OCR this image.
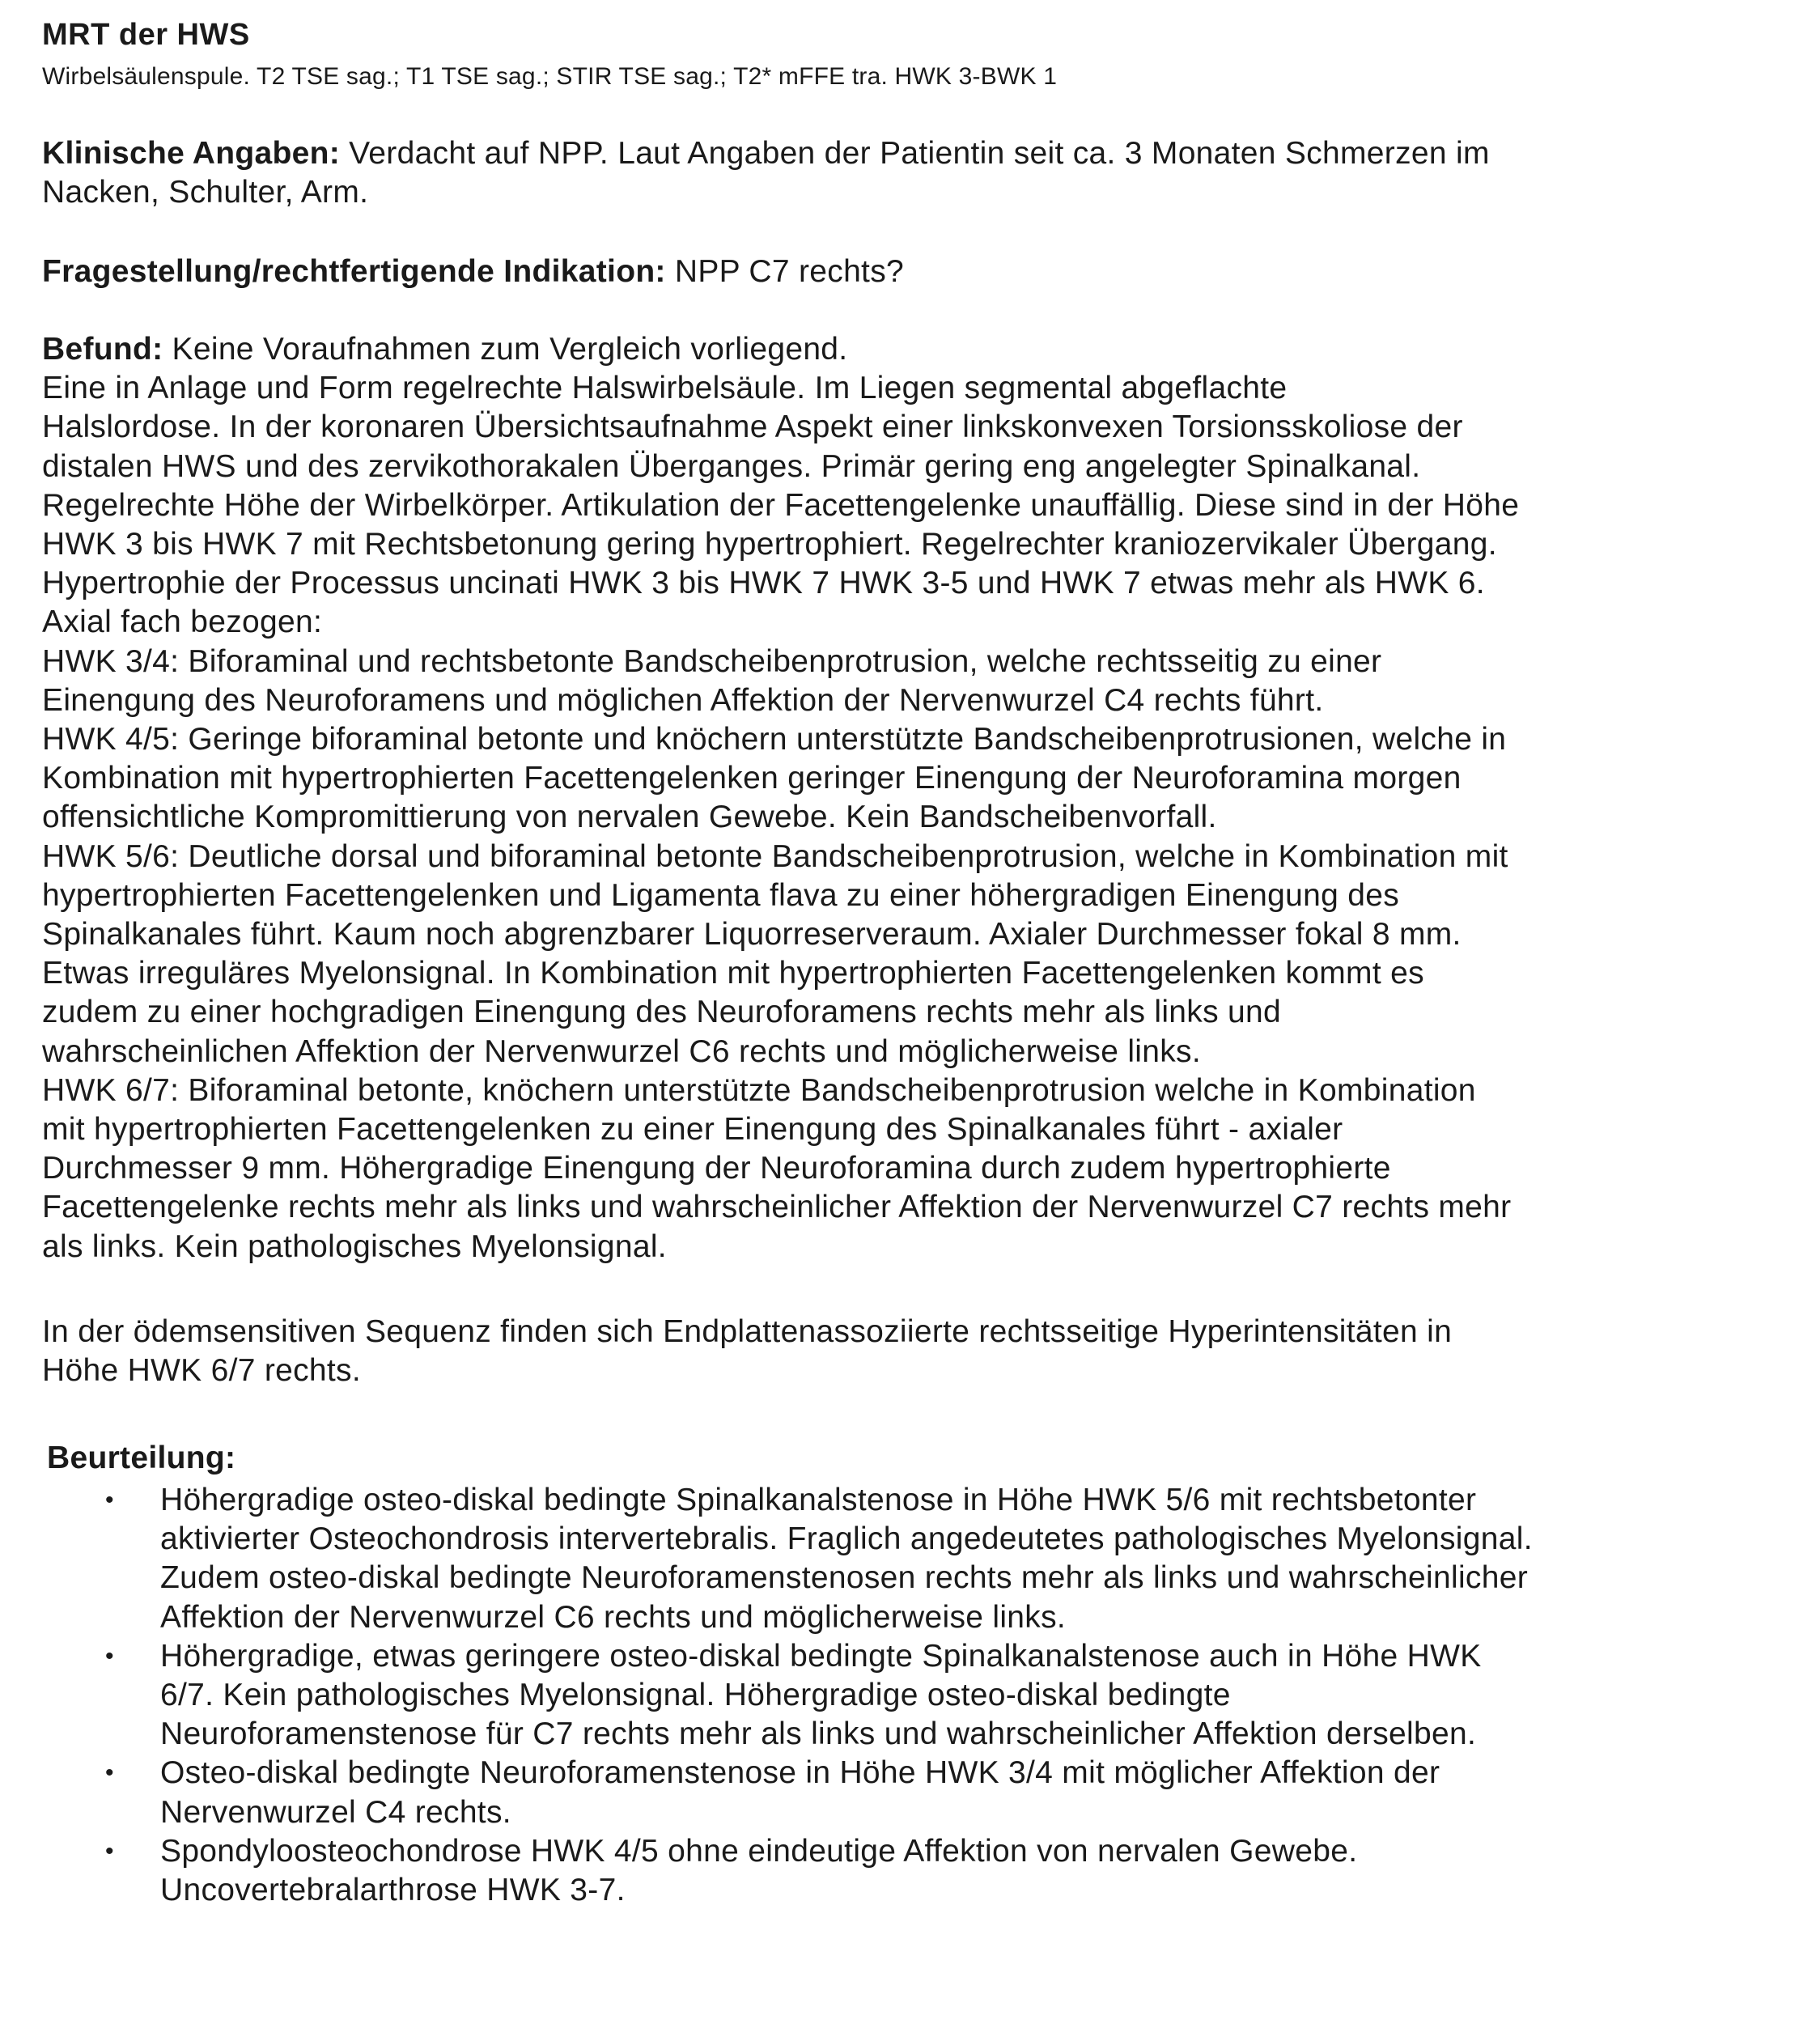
MRT der HWS
Wirbelsäulenspule. T2 TSE sag.; T1 TSE sag.; STIR TSE sag.; T2* mFFE tra. HWK 3-BWK 1
Klinische Angaben: Verdacht auf NPP. Laut Angaben der Patientin seit ca. 3 Monaten Schmerzen im
Nacken, Schulter, Arm.
Fragestellung/rechtfertigende Indikation: NPP C7 rechts?
Befund: Keine Voraufnahmen zum Vergleich vorliegend.
Eine in Anlage und Form regelrechte Halswirbelsäule. Im Liegen segmental abgeflachte
Halslordose. In der koronaren Übersichtsaufnahme Aspekt einer linkskonvexen Torsionsskoliose der
distalen HWS und des zervikothorakalen Überganges. Primär gering eng angelegter Spinalkanal.
Regelrechte Höhe der Wirbelkörper. Artikulation der Facettengelenke unauffällig. Diese sind in der Höhe
HWK 3 bis HWK 7 mit Rechtsbetonung gering hypertrophiert. Regelrechter kraniozervikaler Übergang.
Hypertrophie der Processus uncinati HWK 3 bis HWK 7 HWK 3-5 und HWK 7 etwas mehr als HWK 6.
Axial fach bezogen:
HWK 3/4: Biforaminal und rechtsbetonte Bandscheibenprotrusion, welche rechtsseitig zu einer
Einengung des Neuroforamens und möglichen Affektion der Nervenwurzel C4 rechts führt.
HWK 4/5: Geringe biforaminal betonte und knöchern unterstützte Bandscheibenprotrusionen, welche in
Kombination mit hypertrophierten Facettengelenken geringer Einengung der Neuroforamina morgen
offensichtliche Kompromittierung von nervalen Gewebe. Kein Bandscheibenvorfall.
HWK 5/6: Deutliche dorsal und biforaminal betonte Bandscheibenprotrusion, welche in Kombination mit
hypertrophierten Facettengelenken und Ligamenta flava zu einer höhergradigen Einengung des
Spinalkanales führt. Kaum noch abgrenzbarer Liquorreserveraum. Axialer Durchmesser fokal 8 mm.
Etwas irreguläres Myelonsignal. In Kombination mit hypertrophierten Facettengelenken kommt es
zudem zu einer hochgradigen Einengung des Neuroforamens rechts mehr als links und
wahrscheinlichen Affektion der Nervenwurzel C6 rechts und möglicherweise links.
HWK 6/7: Biforaminal betonte, knöchern unterstützte Bandscheibenprotrusion welche in Kombination
mit hypertrophierten Facettengelenken zu einer Einengung des Spinalkanales führt - axialer
Durchmesser 9 mm. Höhergradige Einengung der Neuroforamina durch zudem hypertrophierte
Facettengelenke rechts mehr als links und wahrscheinlicher Affektion der Nervenwurzel C7 rechts mehr
als links. Kein pathologisches Myelonsignal.
In der ödemsensitiven Sequenz finden sich Endplattenassoziierte rechtsseitige Hyperintensitäten in
Höhe HWK 6/7 rechts.
Beurteilung:
• Höhergradige osteo-diskal bedingte Spinalkanalstenose in Höhe HWK 5/6 mit rechtsbetonter
aktivierter Osteochondrosis intervertebralis. Fraglich angedeutetes pathologisches Myelonsignal.
Zudem osteo-diskal bedingte Neuroforamenstenosen rechts mehr als links und wahrscheinlicher
Affektion der Nervenwurzel C6 rechts und möglicherweise links.
• Höhergradige, etwas geringere osteo-diskal bedingte Spinalkanalstenose auch in Höhe HWK
6/7. Kein pathologisches Myelonsignal. Höhergradige osteo-diskal bedingte
Neuroforamenstenose für C7 rechts mehr als links und wahrscheinlicher Affektion derselben.
• Osteo-diskal bedingte Neuroforamenstenose in Höhe HWK 3/4 mit möglicher Affektion der
Nervenwurzel C4 rechts.
• Spondyloosteochondrose HWK 4/5 ohne eindeutige Affektion von nervalen Gewebe.
Uncovertebralarthrose HWK 3-7.
